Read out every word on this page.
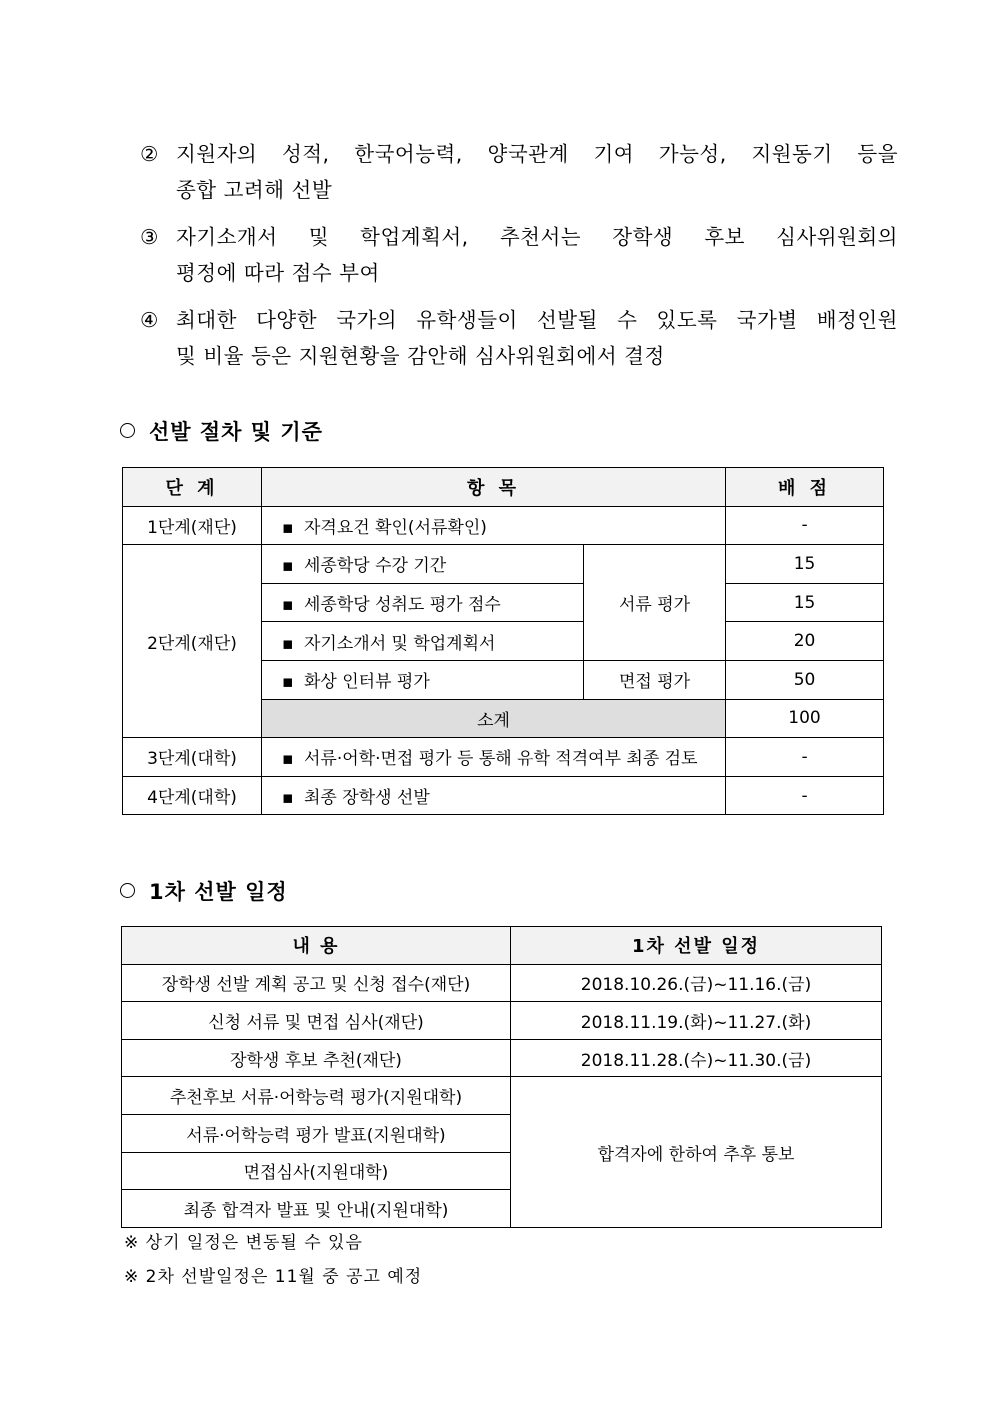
② 지원자의 성적, 한국어능력, 양국관계 기여 가능성, 지원동기 등을
종합 고려해 선발
③ 자기소개서 및 학업계획서, 추천서는 장학생 후보 심사위원회의
평정에 따라 점수 부여
④ 최대한 다양한 국가의 유학생들이 선발될 수 있도록 국가별 배정인원
및 비율 등은 지원현황을 감안해 심사위원회에서 결정
선발 절차 및 기준
단 계	항 목		배 점
1단계(재단)	▪ 자격요건 확인(서류확인)		-
2단계(재단)	▪ 세종학당 수강 기간	서류 평가	15
	▪ 세종학당 성취도 평가 점수		15
	▪ 자기소개서 및 학업계획서		20
	▪ 화상 인터뷰 평가	면접 평가	50
	소계		100
3단계(대학)	▪ 서류·어학·면접 평가 등 통해 유학 적격여부 최종 검토		-
4단계(대학)	▪ 최종 장학생 선발		-
1차 선발 일정
내 용	1차 선발 일정
장학생 선발 계획 공고 및 신청 접수(재단)	2018.10.26.(금)~11.16.(금)
신청 서류 및 면접 심사(재단)	2018.11.19.(화)~11.27.(화)
장학생 후보 추천(재단)	2018.11.28.(수)~11.30.(금)
추천후보 서류·어학능력 평가(지원대학)	합격자에 한하여 추후 통보
서류·어학능력 평가 발표(지원대학)	
면접심사(지원대학)	
최종 합격자 발표 및 안내(지원대학)	
※ 상기 일정은 변동될 수 있음
※ 2차 선발일정은 11월 중 공고 예정
